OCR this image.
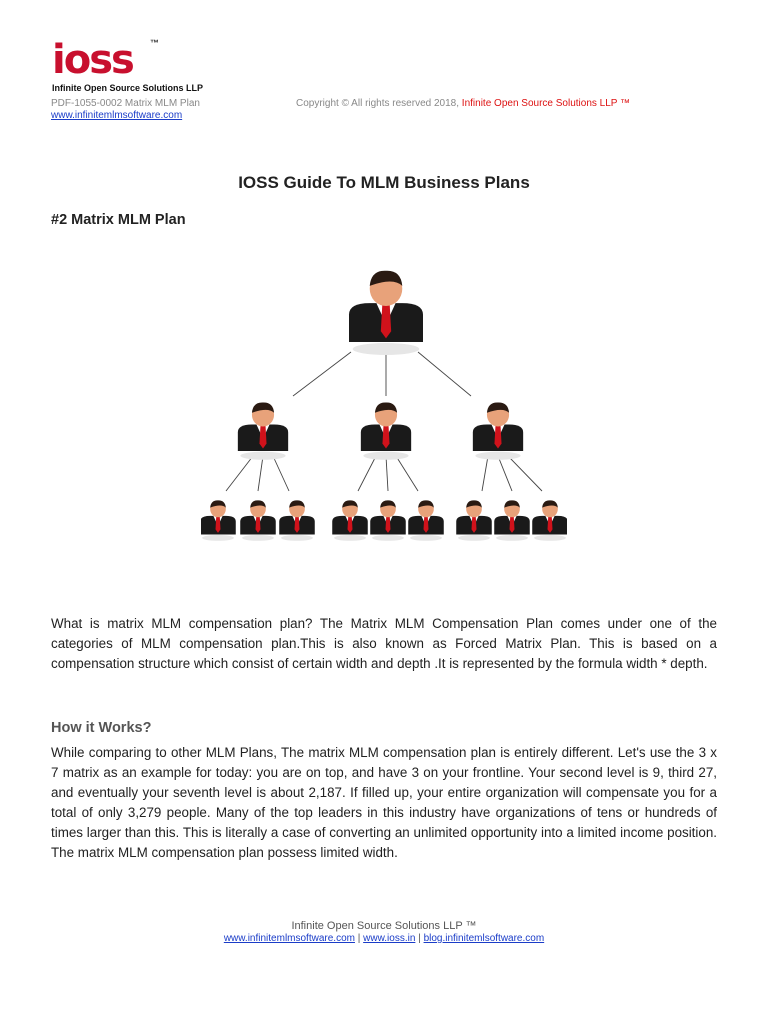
ioss ™
Infinite Open Source Solutions LLP
PDF-1055-0002 Matrix MLM Plan
www.infinitemlmsoftware.com
Copyright © All rights reserved 2018, Infinite Open Source Solutions LLP ™
IOSS Guide To MLM Business Plans
#2 Matrix MLM Plan
What is matrix MLM compensation plan? The Matrix MLM Compensation Plan comes under one of the categories of MLM compensation plan.This is also known as Forced Matrix Plan. This is based on a compensation structure which consist of certain width and depth .It is represented by the formula width * depth.
How it Works?
While comparing to other MLM Plans, The matrix MLM compensation plan is entirely different. Let's use the 3 x 7 matrix as an example for today: you are on top, and have 3 on your frontline. Your second level is 9, third 27, and eventually your seventh level is about 2,187. If filled up, your entire organization will compensate you for a total of only 3,279 people. Many of the top leaders in this industry have organizations of tens or hundreds of times larger than this. This is literally a case of converting an unlimited opportunity into a limited income position. The matrix MLM compensation plan possess limited width.
Infinite Open Source Solutions LLP ™
www.infinitemlmsoftware.com | www.ioss.in | blog.infinitemlsoftware.com
